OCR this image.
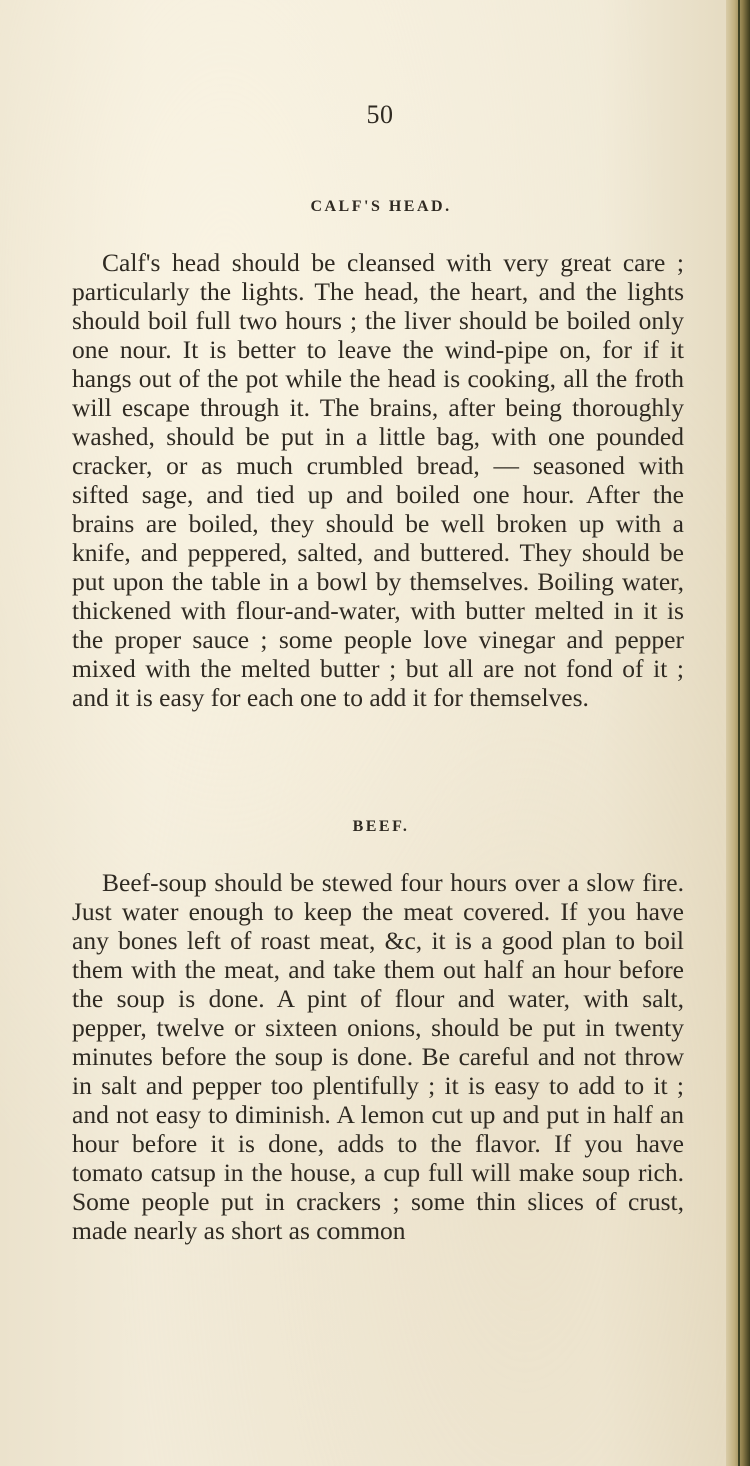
50
CALF'S HEAD.

Calf's head should be cleansed with very great care ; particularly the lights. The head, the heart, and the lights should boil full two hours ; the liver should be boiled only one nour. It is better to leave the wind-pipe on, for if it hangs out of the pot while the head is cooking, all the froth will escape through it. The brains, after being thoroughly washed, should be put in a little bag, with one pounded cracker, or as much crumbled bread, — seasoned with sifted sage, and tied up and boiled one hour. After the brains are boiled, they should be well broken up with a knife, and peppered, salted, and buttered. They should be put upon the table in a bowl by themselves. Boiling water, thickened with flour-and-water, with butter melted in it is the proper sauce ; some people love vinegar and pepper mixed with the melted butter ; but all are not fond of it ; and it is easy for each one to add it for themselves.

BEEF.

Beef-soup should be stewed four hours over a slow fire. Just water enough to keep the meat covered. If you have any bones left of roast meat, &c, it is a good plan to boil them with the meat, and take them out half an hour before the soup is done. A pint of flour and water, with salt, pepper, twelve or sixteen onions, should be put in twenty minutes before the soup is done. Be careful and not throw in salt and pepper too plentifully ; it is easy to add to it ; and not easy to diminish. A lemon cut up and put in half an hour before it is done, adds to the flavor. If you have tomato catsup in the house, a cup full will make soup rich. Some people put in crackers ; some thin slices of crust, made nearly as short as common
